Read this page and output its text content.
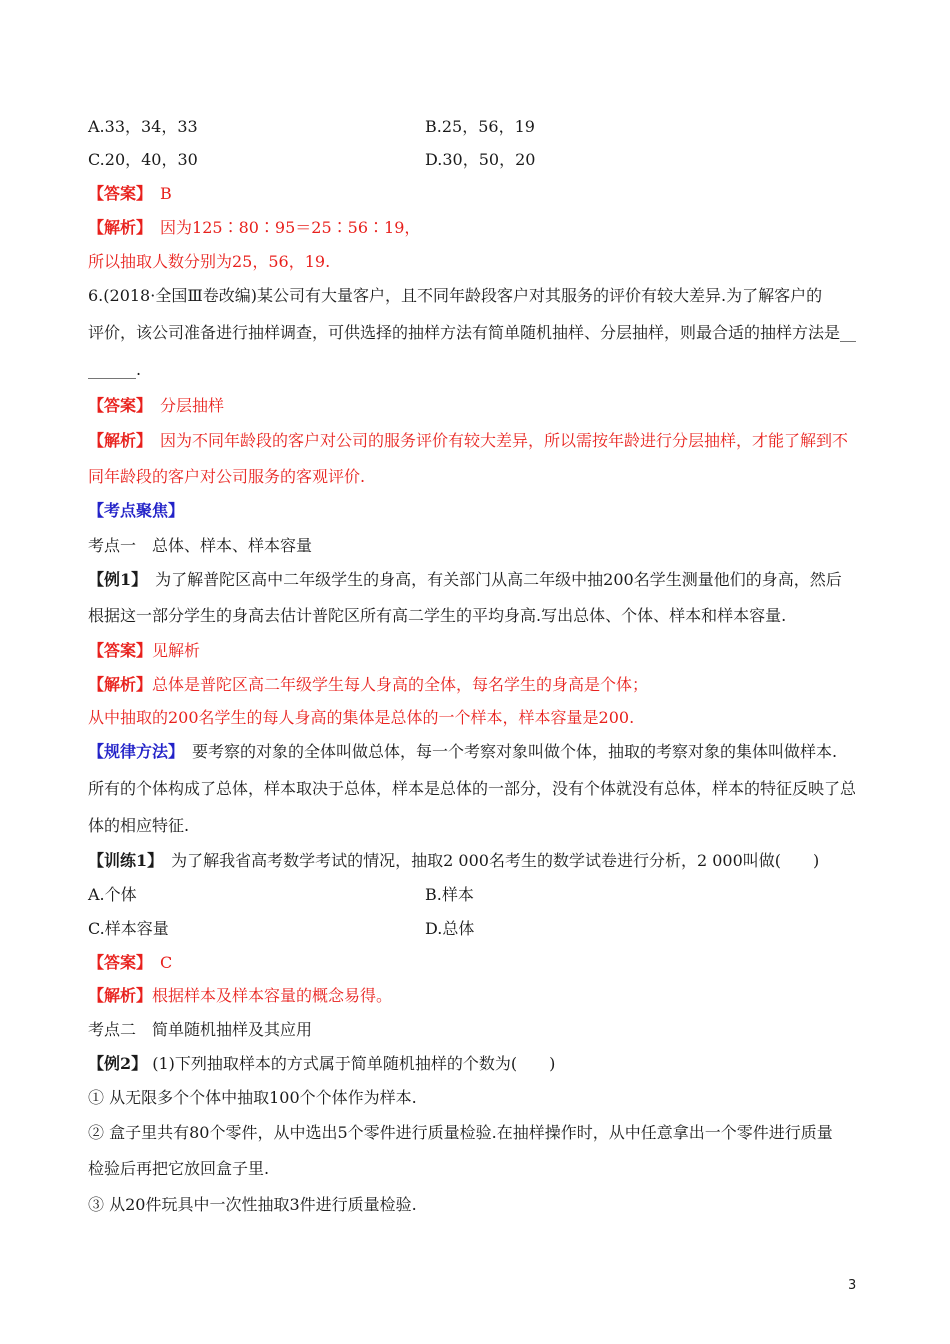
A.33，34，33	B.25，56，19
C.20，40，30	D.30，50，20
【答案】　 B
【解析】　 因为125∶80∶95＝25∶56∶19，
所以抽取人数分别为25，56，19.
6.(2018·全国Ⅲ卷改编)某公司有大量客户，且不同年龄段客户对其服务的评价有较大差异.为了解客户的
评价，该公司准备进行抽样调查，可供选择的抽样方法有简单随机抽样、分层抽样，则最合适的抽样方法是__
______.
【答案】　 分层抽样
【解析】　 因为不同年龄段的客户对公司的服务评价有较大差异，所以需按年龄进行分层抽样，才能了解到不
同年龄段的客户对公司服务的客观评价.
【考点聚焦】
考点一　总体、样本、样本容量
【例1】　 为了解普陀区高中二年级学生的身高，有关部门从高二年级中抽200名学生测量他们的身高，然后
根据这一部分学生的身高去估计普陀区所有高二学生的平均身高.写出总体、个体、样本和样本容量.
【答案】见解析
【解析】总体是普陀区高二年级学生每人身高的全体，每名学生的身高是个体；
从中抽取的200名学生的每人身高的集体是总体的一个样本，样本容量是200.
【规律方法】　 要考察的对象的全体叫做总体，每一个考察对象叫做个体，抽取的考察对象的集体叫做样本.
所有的个体构成了总体，样本取决于总体，样本是总体的一部分，没有个体就没有总体，样本的特征反映了总
体的相应特征.
【训练1】　 为了解我省高考数学考试的情况，抽取2 000名考生的数学试卷进行分析，2 000叫做(　　)
A.个体	B.样本
C.样本容量	D.总体
【答案】　 C
【解析】根据样本及样本容量的概念易得。
考点二　简单随机抽样及其应用
【例2】 (1)下列抽取样本的方式属于简单随机抽样的个数为(　　)
① 从无限多个个体中抽取100个个体作为样本.
② 盒子里共有80个零件，从中选出5个零件进行质量检验.在抽样操作时，从中任意拿出一个零件进行质量
检验后再把它放回盒子里.
③ 从20件玩具中一次性抽取3件进行质量检验.
3
